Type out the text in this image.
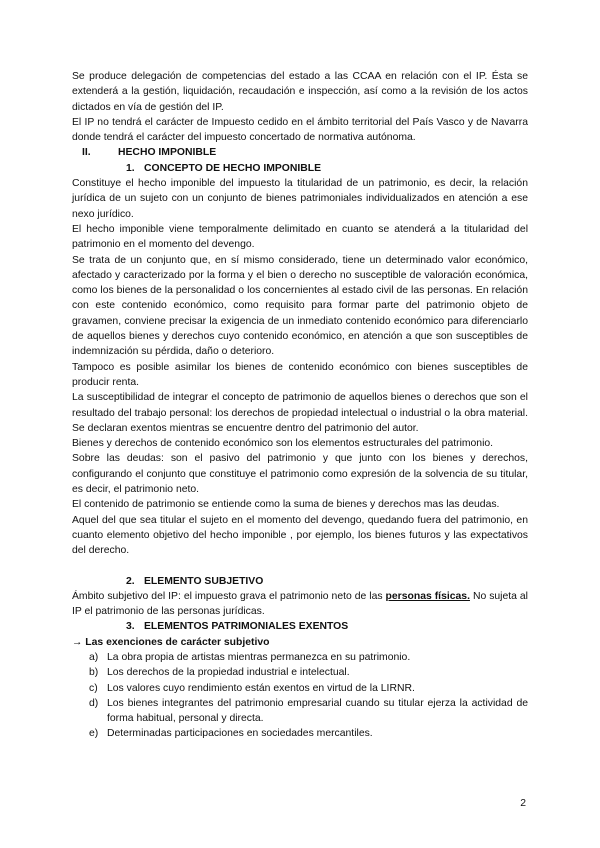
Se produce delegación de competencias del estado a las CCAA en relación con el IP. Ésta se extenderá a la gestión, liquidación, recaudación e inspección, así como a la revisión de los actos dictados en vía de gestión del IP.

El IP no tendrá el carácter de Impuesto cedido en el ámbito territorial del País Vasco y de Navarra donde tendrá el carácter del impuesto concertado de normativa autónoma.

II.	HECHO IMPONIBLE
1. CONCEPTO DE HECHO IMPONIBLE

Constituye el hecho imponible del impuesto la titularidad de un patrimonio, es decir, la relación jurídica de un sujeto con un conjunto de bienes patrimoniales individualizados en atención a ese nexo jurídico.

El hecho imponible viene temporalmente delimitado en cuanto se atenderá a la titularidad del patrimonio en el momento del devengo.

Se trata de un conjunto que, en sí mismo considerado, tiene un determinado valor económico, afectado y caracterizado por la forma y el bien o derecho no susceptible de valoración económica, como los bienes de la personalidad o los concernientes al estado civil de las personas. En relación con este contenido económico, como requisito para formar parte del patrimonio objeto de gravamen, conviene precisar la exigencia de un inmediato contenido económico para diferenciarlo de aquellos bienes y derechos cuyo contenido económico, en atención a que son susceptibles de indemnización su pérdida, daño o deterioro.

Tampoco es posible asimilar los bienes de contenido económico con bienes susceptibles de producir renta.

La susceptibilidad de integrar el concepto de patrimonio de aquellos bienes o derechos que son el resultado del trabajo personal: los derechos de propiedad intelectual o industrial o la obra material. Se declaran exentos mientras se encuentre dentro del patrimonio del autor.

Bienes y derechos de contenido económico son los elementos estructurales del patrimonio.

Sobre las deudas: son el pasivo del patrimonio y que junto con los bienes y derechos, configurando el conjunto que constituye el patrimonio como expresión de la solvencia de su titular, es decir, el patrimonio neto.

El contenido de patrimonio se entiende como la suma de bienes y derechos mas las deudas.

Aquel del que sea titular el sujeto en el momento del devengo, quedando fuera del patrimonio, en cuanto elemento objetivo del hecho imponible , por ejemplo, los bienes futuros y las expectativos del derecho.

2. ELEMENTO SUBJETIVO

Ámbito subjetivo del IP: el impuesto grava el patrimonio neto de las personas físicas. No sujeta al IP el patrimonio de las personas jurídicas.

3. ELEMENTOS PATRIMONIALES EXENTOS

→ Las exenciones de carácter subjetivo

a) La obra propia de artistas mientras permanezca en su patrimonio.
b) Los derechos de la propiedad industrial e intelectual.
c) Los valores cuyo rendimiento están exentos en virtud de la LIRNR.
d) Los bienes integrantes del patrimonio empresarial cuando su titular ejerza la actividad de forma habitual, personal y directa.
e) Determinadas participaciones en sociedades mercantiles.
2
